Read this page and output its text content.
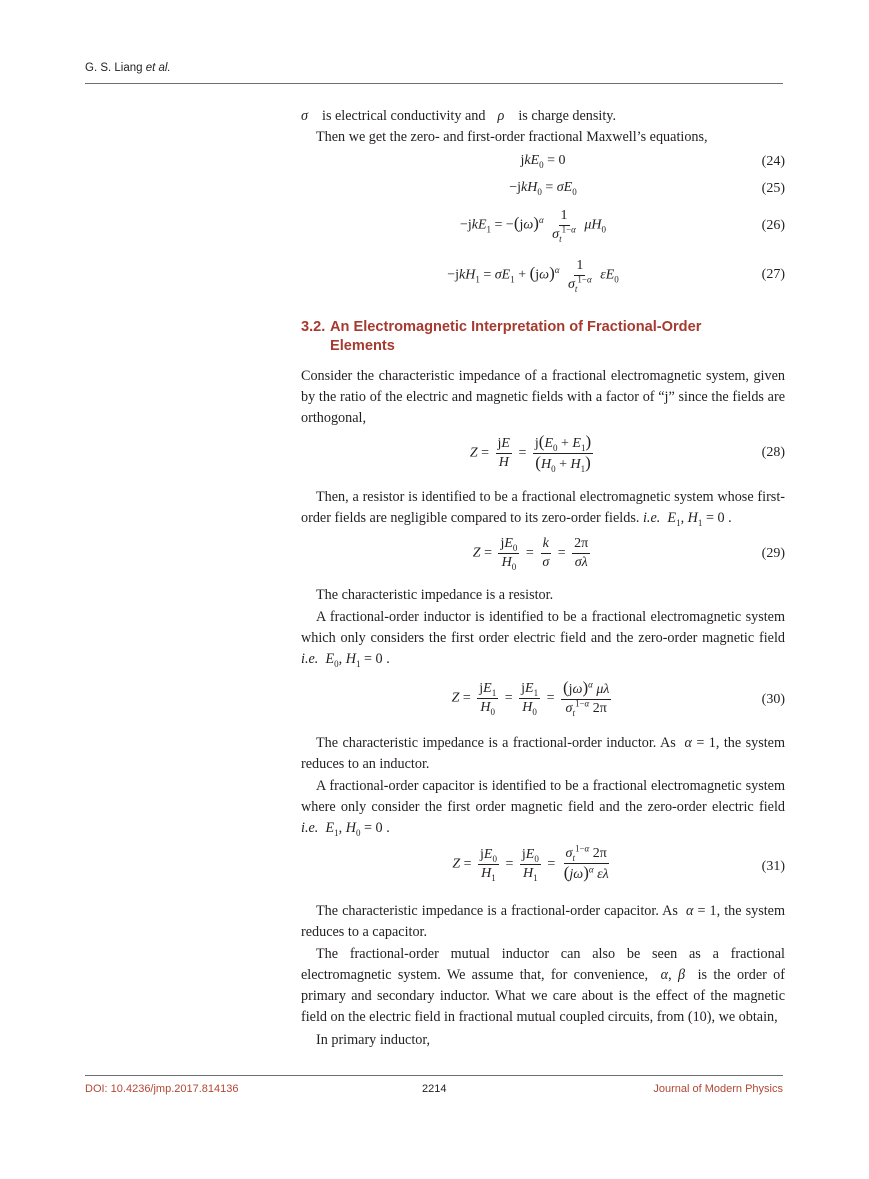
G. S. Liang et al.
σ is electrical conductivity and ρ is charge density.
Then we get the zero- and first-order fractional Maxwell’s equations,
jkE$_0$ = 0	(24)
$-jkH_0 = \sigma E_0$	(25)
$-jkE_1 = -(j\omega)^\alpha \frac{1}{\sigma_t^{1-\alpha}} \mu H_0$	(26)
$-jkH_1 = \sigma E_1 + (j\omega)^\alpha \frac{1}{\sigma_t^{1-\alpha}} \varepsilon E_0$	(27)
3.2. An Electromagnetic Interpretation of Fractional-Order
Elements
Consider the characteristic impedance of a fractional electromagnetic system, given by the ratio of the electric and magnetic fields with a factor of “j” since the fields are orthogonal,
$Z = \frac{jE}{H} = \frac{j(E_0 + E_1)}{(H_0 + H_1)}$	(28)
Then, a resistor is identified to be a fractional electromagnetic system whose first-order fields are negligible compared to its zero-order fields. i.e. $E_1$, $H_1 = 0$ .
$Z = \frac{jE_0}{H_0} = \frac{k}{\sigma} = \frac{2\pi}{\sigma\lambda}$	(29)
The characteristic impedance is a resistor.
A fractional-order inductor is identified to be a fractional electromagnetic system which only considers the first order electric field and the zero-order magnetic field i.e. $E_0$, $H_1 = 0$ .
$Z = \frac{jE_1}{H_0} = \frac{jE_1}{H_0} = \frac{(j\omega)^\alpha \mu\lambda}{\sigma_t^{1-\alpha} 2\pi}$	(30)
The characteristic impedance is a fractional-order inductor. As α = 1, the system reduces to an inductor.
A fractional-order capacitor is identified to be a fractional electromagnetic system where only consider the first order magnetic field and the zero-order electric field i.e. $E_1$, $H_0 = 0$ .
$Z = \frac{jE_0}{H_1} = \frac{jE_0}{H_1} = \frac{\sigma_t^{1-\alpha} 2\pi}{(j\omega)^\alpha \varepsilon\lambda}$	(31)
The characteristic impedance is a fractional-order capacitor. As α = 1, the system reduces to a capacitor.
The fractional-order mutual inductor can also be seen as a fractional electromagnetic system. We assume that, for convenience, α, β is the order of primary and secondary inductor. What we care about is the effect of the magnetic field on the electric field in fractional mutual coupled circuits, from (10), we obtain,
In primary inductor,
DOI: 10.4236/jmp.2017.814136	2214	Journal of Modern Physics
